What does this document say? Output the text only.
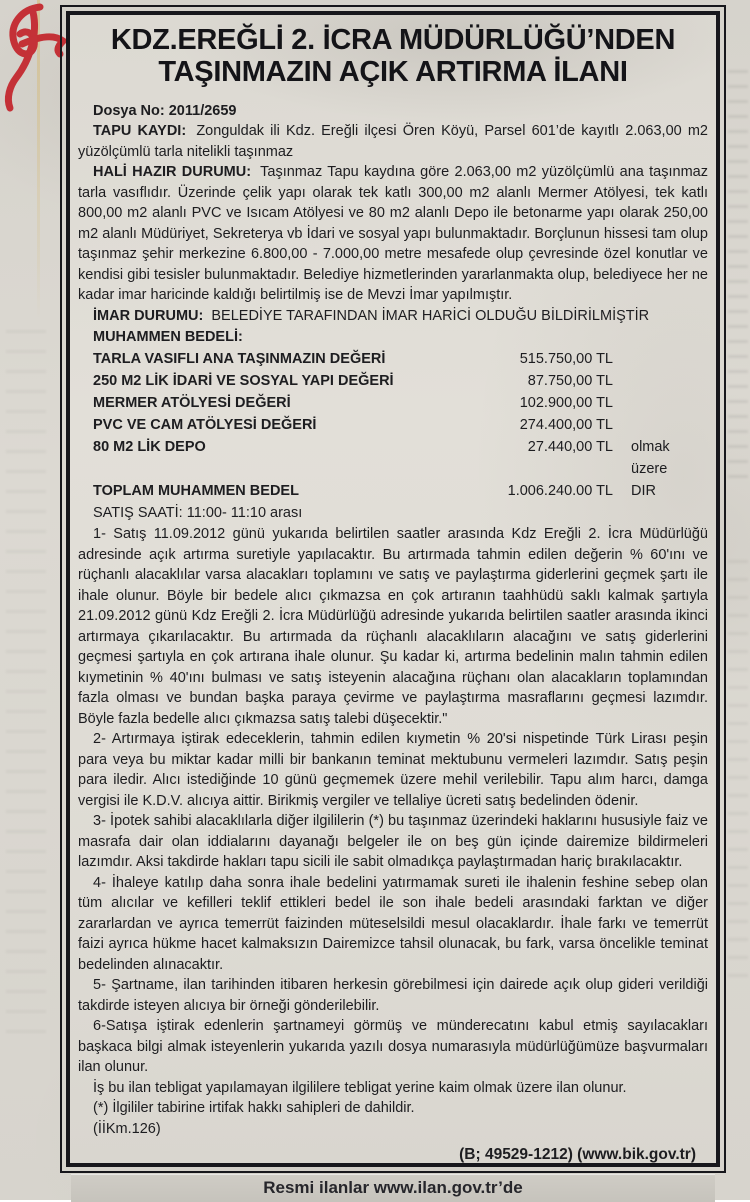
KDZ.EREĞLİ 2. İCRA MÜDÜRLÜĞÜ’NDEN
TAŞINMAZIN AÇIK ARTIRMA İLANI

Dosya No: 2011/2659

TAPU KAYDI: Zonguldak ili Kdz. Ereğli ilçesi Ören Köyü, Parsel 601’de kayıtlı 2.063,00 m2 yüzölçümlü tarla nitelikli taşınmaz

HALİ HAZIR DURUMU: Taşınmaz Tapu kaydına göre 2.063,00 m2 yüzölçümlü ana taşınmaz tarla vasıflıdır. Üzerinde çelik yapı olarak tek katlı 300,00 m2 alanlı Mermer Atölyesi, tek katlı 800,00 m2 alanlı PVC ve Isıcam Atölyesi ve 80 m2 alanlı Depo ile betonarme yapı olarak 250,00 m2 alanlı Müdüriyet, Sekreterya vb İdari ve sosyal yapı bulunmaktadır. Borçlunun hissesi tam olup taşınmaz şehir merkezine 6.800,00 - 7.000,00 metre mesafede olup çevresinde özel konutlar ve kendisi gibi tesisler bulunmaktadır. Belediye hizmetlerinden yararlanmakta olup, belediyece her ne kadar imar haricinde kaldığı belirtilmiş ise de Mevzi İmar yapılmıştır.

İMAR DURUMU: BELEDİYE TARAFINDAN İMAR HARİCİ OLDUĞU BİLDİRİLMİŞTİR

MUHAMMEN BEDELİ:
TARLA VASIFLI ANA TAŞINMAZIN DEĞERİ	515.750,00 TL
250 M2 LİK İDARİ VE SOSYAL YAPI DEĞERİ	87.750,00 TL
MERMER ATÖLYESİ DEĞERİ	102.900,00 TL
PVC VE CAM ATÖLYESİ DEĞERİ	274.400,00 TL
80 M2 LİK DEPO	27.440,00 TL	olmak üzere
TOPLAM MUHAMMEN BEDEL	1.006.240.00 TL	DIR
SATIŞ SAATİ: 11:00- 11:10 arası

1- Satış 11.09.2012 günü yukarıda belirtilen saatler arasında Kdz Ereğli 2. İcra Müdürlüğü adresinde açık artırma suretiyle yapılacaktır. Bu artırmada tahmin edilen değerin % 60'ını ve rüçhanlı alacaklılar varsa alacakları toplamını ve satış ve paylaştırma giderlerini geçmek şartı ile ihale olunur. Böyle bir bedele alıcı çıkmazsa en çok artıranın taahhüdü saklı kalmak şartıyla 21.09.2012 günü Kdz Ereğli 2. İcra Müdürlüğü adresinde yukarıda belirtilen saatler arasında ikinci artırmaya çıkarılacaktır. Bu artırmada da rüçhanlı alacaklıların alacağını ve satış giderlerini geçmesi şartıyla en çok artırana ihale olunur. Şu kadar ki, artırma bedelinin malın tahmin edilen kıymetinin % 40'ını bulması ve satış isteyenin alacağına rüçhanı olan alacakların toplamından fazla olması ve bundan başka paraya çevirme ve paylaştırma masraflarını geçmesi lazımdır. Böyle fazla bedelle alıcı çıkmazsa satış talebi düşecektir."

2- Artırmaya iştirak edeceklerin, tahmin edilen kıymetin % 20'si nispetinde Türk Lirası peşin para veya bu miktar kadar milli bir bankanın teminat mektubunu vermeleri lazımdır. Satış peşin para iledir. Alıcı istediğinde 10 günü geçmemek üzere mehil verilebilir. Tapu alım harcı, damga vergisi ile K.D.V. alıcıya aittir. Birikmiş vergiler ve tellaliye ücreti satış bedelinden ödenir.

3- İpotek sahibi alacaklılarla diğer ilgililerin (*) bu taşınmaz üzerindeki haklarını hususiyle faiz ve masrafa dair olan iddialarını dayanağı belgeler ile on beş gün içinde dairemize bildirmeleri lazımdır. Aksi takdirde hakları tapu sicili ile sabit olmadıkça paylaştırmadan hariç bırakılacaktır.

4- İhaleye katılıp daha sonra ihale bedelini yatırmamak sureti ile ihalenin feshine sebep olan tüm alıcılar ve kefilleri teklif ettikleri bedel ile son ihale bedeli arasındaki farktan ve diğer zararlardan ve ayrıca temerrüt faizinden müteselsildi mesul olacaklardır. İhale farkı ve temerrüt faizi ayrıca hükme hacet kalmaksızın Dairemizce tahsil olunacak, bu fark, varsa öncelikle teminat bedelinden alınacaktır.

5- Şartname, ilan tarihinden itibaren herkesin görebilmesi için dairede açık olup gideri verildiği takdirde isteyen alıcıya bir örneği gönderilebilir.

6-Satışa iştirak edenlerin şartnameyi görmüş ve münderecatını kabul etmiş sayılacakları başkaca bilgi almak isteyenlerin yukarıda yazılı dosya numarasıyla müdürlüğümüze başvurmaları ilan olunur.

İş bu ilan tebligat yapılamayan ilgililere tebligat yerine kaim olmak üzere ilan olunur.

(*) İlgililer tabirine irtifak hakkı sahipleri de dahildir.

(İİKm.126)

(B; 49529-1212) (www.bik.gov.tr)
Resmi ilanlar www.ilan.gov.tr’de
